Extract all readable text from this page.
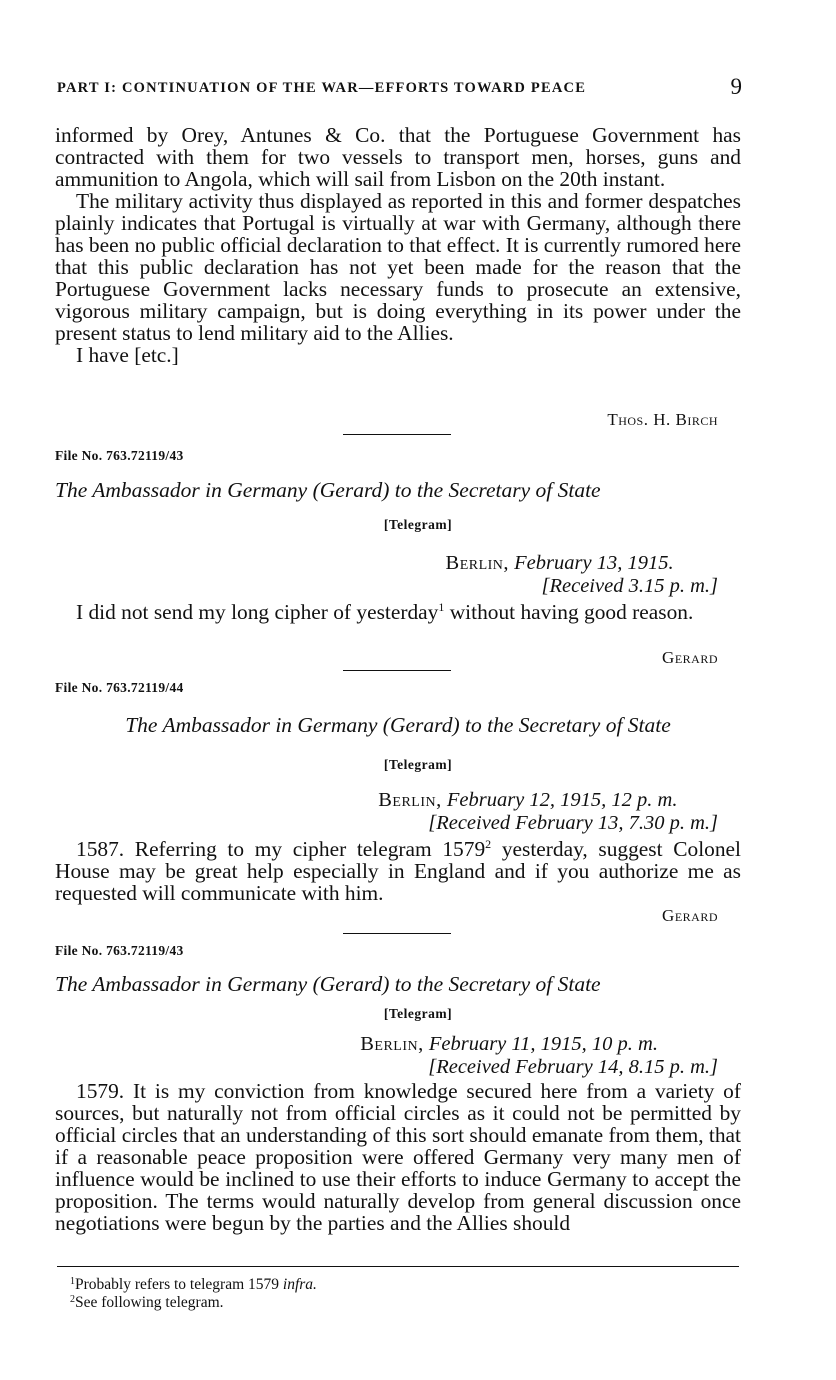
PART I: CONTINUATION OF THE WAR—EFFORTS TOWARD PEACE	9

informed by Orey, Antunes & Co. that the Portuguese Government has contracted with them for two vessels to transport men, horses, guns and ammunition to Angola, which will sail from Lisbon on the 20th instant.

The military activity thus displayed as reported in this and former despatches plainly indicates that Portugal is virtually at war with Germany, although there has been no public official declaration to that effect. It is currently rumored here that this public declaration has not yet been made for the reason that the Portuguese Government lacks necessary funds to prosecute an extensive, vigorous military campaign, but is doing everything in its power under the present status to lend military aid to the Allies.

I have [etc.]

Thos. H. Birch
File No. 763.72119/43
The Ambassador in Germany (Gerard) to the Secretary of State
[Telegram]
Berlin, February 13, 1915.
[Received 3.15 p. m.]

I did not send my long cipher of yesterday$^1$ without having good reason.

Gerard
File No. 763.72119/44
The Ambassador in Germany (Gerard) to the Secretary of State
[Telegram]
Berlin, February 12, 1915, 12 p. m.
[Received February 13, 7.30 p. m.]

1587. Referring to my cipher telegram 1579$^2$ yesterday, suggest Colonel House may be great help especially in England and if you authorize me as requested will communicate with him.

Gerard
File No. 763.72119/43
The Ambassador in Germany (Gerard) to the Secretary of State
[Telegram]
Berlin, February 11, 1915, 10 p. m.
[Received February 14, 8.15 p. m.]

1579. It is my conviction from knowledge secured here from a variety of sources, but naturally not from official circles as it could not be permitted by official circles that an understanding of this sort should emanate from them, that if a reasonable peace proposition were offered Germany very many men of influence would be inclined to use their efforts to induce Germany to accept the proposition. The terms would naturally develop from general discussion once negotiations were begun by the parties and the Allies should

$^1$Probably refers to telegram 1579 infra.
$^2$See following telegram.
